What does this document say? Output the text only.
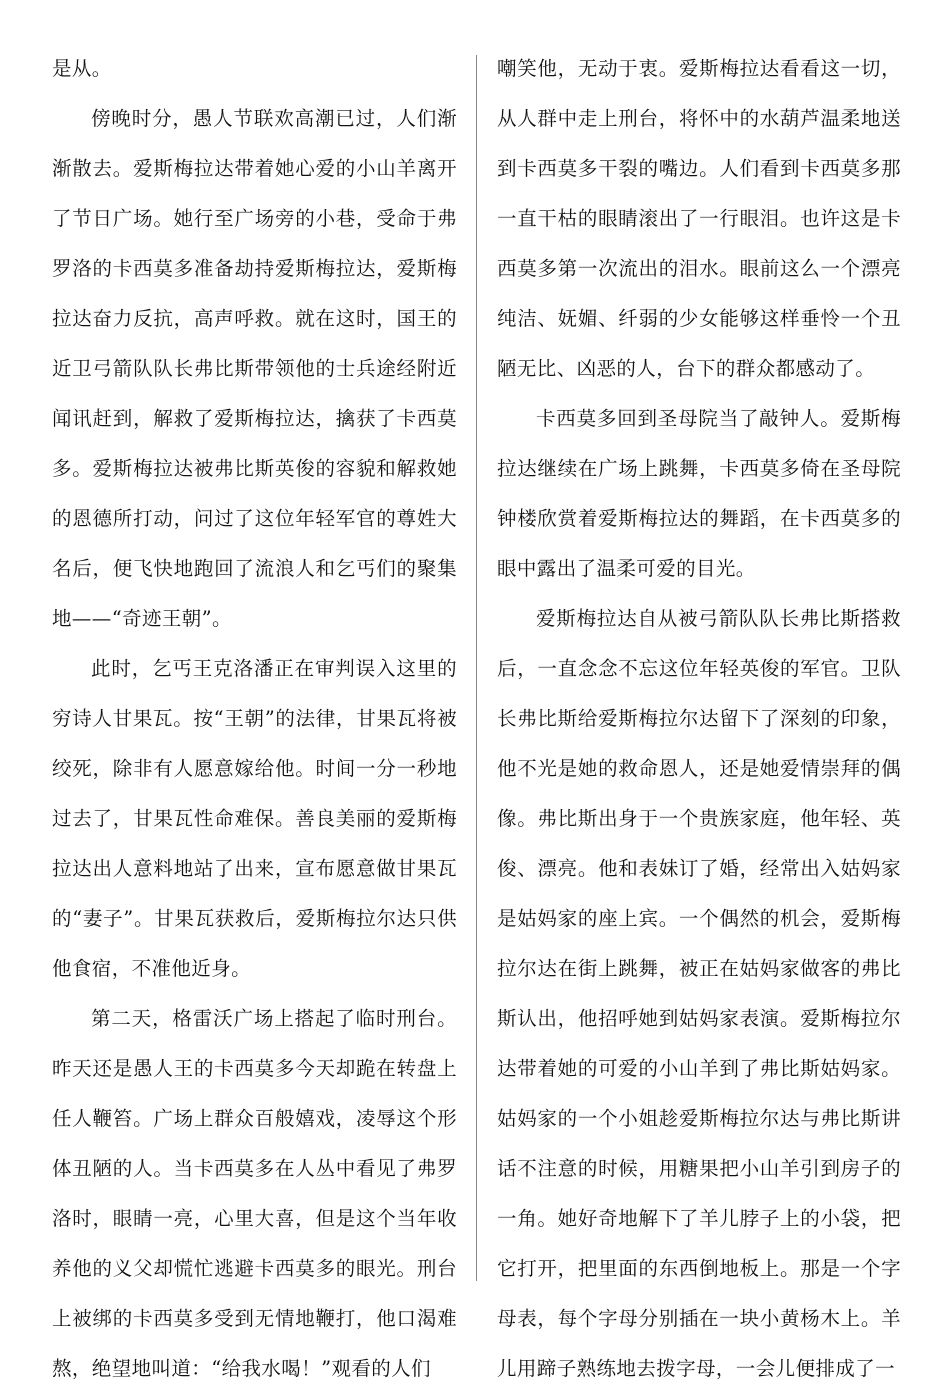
是从。

傍晚时分，愚人节联欢高潮已过，人们渐渐散去。爱斯梅拉达带着她心爱的小山羊离开了节日广场。她行至广场旁的小巷，受命于弗罗洛的卡西莫多准备劫持爱斯梅拉达，爱斯梅拉达奋力反抗，高声呼救。就在这时，国王的近卫弓箭队队长弗比斯带领他的士兵途经附近闻讯赶到，解救了爱斯梅拉达，擒获了卡西莫多。爱斯梅拉达被弗比斯英俊的容貌和解救她的恩德所打动，问过了这位年轻军官的尊姓大名后，便飞快地跑回了流浪人和乞丐们的聚集地——“奇迹王朝”。

此时，乞丐王克洛潘正在审判误入这里的穷诗人甘果瓦。按“王朝”的法律，甘果瓦将被绞死，除非有人愿意嫁给他。时间一分一秒地过去了，甘果瓦性命难保。善良美丽的爱斯梅拉达出人意料地站了出来，宣布愿意做甘果瓦的“妻子”。甘果瓦获救后，爱斯梅拉尔达只供他食宿，不准他近身。

第二天，格雷沃广场上搭起了临时刑台。昨天还是愚人王的卡西莫多今天却跪在转盘上任人鞭笞。广场上群众百般嬉戏，凌辱这个形体丑陋的人。当卡西莫多在人丛中看见了弗罗洛时，眼睛一亮，心里大喜，但是这个当年收养他的义父却慌忙逃避卡西莫多的眼光。刑台上被绑的卡西莫多受到无情地鞭打，他口渴难熬，绝望地叫道：“给我水喝！”观看的人们

嘲笑他，无动于衷。爱斯梅拉达看看这一切，从人群中走上刑台，将怀中的水葫芦温柔地送到卡西莫多干裂的嘴边。人们看到卡西莫多那一直干枯的眼睛滚出了一行眼泪。也许这是卡西莫多第一次流出的泪水。眼前这么一个漂亮纯洁、妩媚、纤弱的少女能够这样垂怜一个丑陋无比、凶恶的人，台下的群众都感动了。

卡西莫多回到圣母院当了敲钟人。爱斯梅拉达继续在广场上跳舞，卡西莫多倚在圣母院钟楼欣赏着爱斯梅拉达的舞蹈，在卡西莫多的眼中露出了温柔可爱的目光。

爱斯梅拉达自从被弓箭队队长弗比斯搭救后，一直念念不忘这位年轻英俊的军官。卫队长弗比斯给爱斯梅拉尔达留下了深刻的印象，他不光是她的救命恩人，还是她爱情崇拜的偶像。弗比斯出身于一个贵族家庭，他年轻、英俊、漂亮。他和表妹订了婚，经常出入姑妈家是姑妈家的座上宾。一个偶然的机会，爱斯梅拉尔达在街上跳舞，被正在姑妈家做客的弗比斯认出，他招呼她到姑妈家表演。爱斯梅拉尔达带着她的可爱的小山羊到了弗比斯姑妈家。姑妈家的一个小姐趁爱斯梅拉尔达与弗比斯讲话不注意的时候，用糖果把小山羊引到房子的一角。她好奇地解下了羊儿脖子上的小袋，把它打开，把里面的东西倒地板上。那是一个字母表，每个字母分别插在一块小黄杨木上。羊儿用蹄子熟练地去拨字母，一会儿便排成了一
